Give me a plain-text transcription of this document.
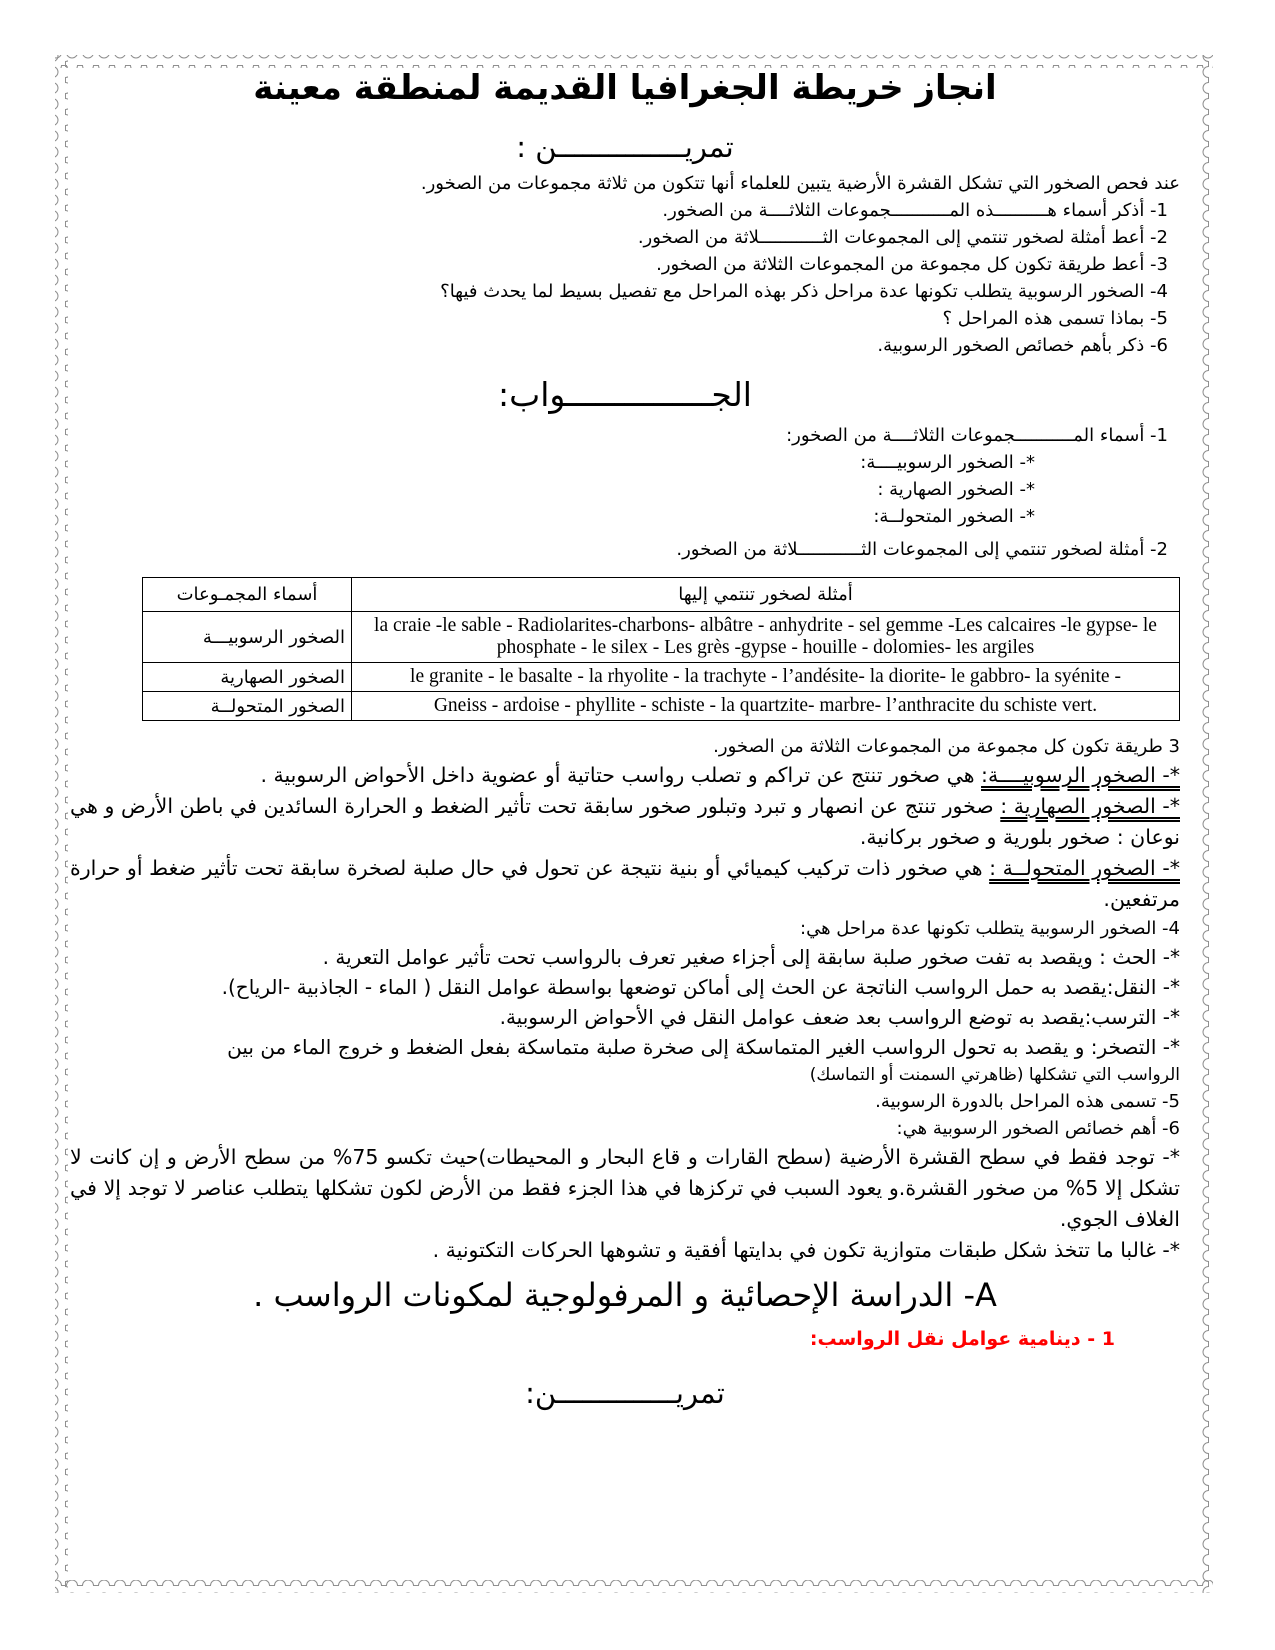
انجاز خريطة الجغرافيا القديمة لمنطقة معينة
تمريـــــــــــــــن :
عند فحص الصخور التي تشكل القشرة الأرضية يتبين للعلماء أنها تتكون من ثلاثة مجموعات من الصخور.
1- أذكر أسماء هــــــــــذه المـــــــــــجموعات الثلاثــــة من الصخور.
2- أعط أمثلة لصخور تنتمي إلى المجموعات الثــــــــــــلاثة من الصخور.
3- أعط طريقة تكون كل مجموعة من المجموعات الثلاثة من الصخور.
4- الصخور الرسوبية يتطلب تكونها عدة مراحل ذكر بهذه المراحل مع تفصيل بسيط لما يحدث فيها؟
5- بماذا تسمى هذه المراحل ؟
6- ذكر بأهم خصائص الصخور الرسوبية.
الجـــــــــــــــواب:
1- أسماء المـــــــــــجموعات الثلاثــــة من الصخور:
*- الصخور الرسوبيــــة:
*- الصخور الصهارية :
*- الصخور المتحولــة:
2- أمثلة لصخور تنتمي إلى المجموعات الثــــــــــــلاثة من الصخور.
أمثلة لصخور تنتمي إليها	أسماء المجمـوعات
la craie -le sable - Radiolarites-charbons- albâtre - anhydrite - sel gemme -Les calcaires -le gypse- le phosphate - le silex - Les grès -gypse - houille - dolomies- les argiles	الصخور الرسوبيـــة
le granite - le basalte - la rhyolite - la trachyte - l’andésite- la diorite- le gabbro- la syénite -	الصخور الصهارية
Gneiss - ardoise - phyllite - schiste - la quartzite- marbre- l’anthracite du schiste vert.	الصخور المتحولــة
3 طريقة تكون كل مجموعة من المجموعات الثلاثة من الصخور.
*- الصخور الرسوبيــــة: هي صخور تنتج عن تراكم و تصلب رواسب حتاتية أو عضوية داخل الأحواض الرسوبية .
*- الصخور الصهارية : صخور تنتج عن انصهار و تبرد وتبلور صخور سابقة تحت تأثير الضغط و الحرارة السائدين في باطن الأرض و هي نوعان : صخور بلورية و صخور بركانية.
*- الصخور المتحولــة : هي صخور ذات تركيب كيميائي أو بنية نتيجة عن تحول في حال صلبة لصخرة سابقة تحت تأثير ضغط أو حرارة مرتفعين.
4- الصخور الرسوبية يتطلب تكونها عدة مراحل هي:
*- الحث : ويقصد به تفت صخور صلبة سابقة إلى أجزاء صغير تعرف بالرواسب تحت تأثير عوامل التعرية .
*- النقل:يقصد به حمل الرواسب الناتجة عن الحث إلى أماكن توضعها بواسطة عوامل النقل ( الماء - الجاذبية -الرياح).
*- الترسب:يقصد به توضع الرواسب بعد ضعف عوامل النقل في الأحواض الرسوبية.
*- التصخر: و يقصد به تحول الرواسب الغير المتماسكة إلى صخرة صلبة متماسكة بفعل الضغط و خروج الماء من بين
الرواسب التي تشكلها (ظاهرتي السمنت أو التماسك)
5- تسمى هذه المراحل بالدورة الرسوبية.
6- أهم خصائص الصخور الرسوبية هي:
*- توجد فقط في سطح القشرة الأرضية (سطح القارات و قاع البحار و المحيطات)حيث تكسو 75% من سطح الأرض و إن كانت لا تشكل إلا 5% من صخور القشرة.و يعود السبب في تركزها في هذا الجزء فقط من الأرض لكون تشكلها يتطلب عناصر لا توجد إلا في الغلاف الجوي.
*- غالبا ما تتخذ شكل طبقات متوازية تكون في بدايتها أفقية و تشوهها الحركات التكتونية .
A- الدراسة الإحصائية و المرفولوجية لمكونات الرواسب .
1 - دينامية عوامل نقل الرواسب:
تمريــــــــــــــن:
